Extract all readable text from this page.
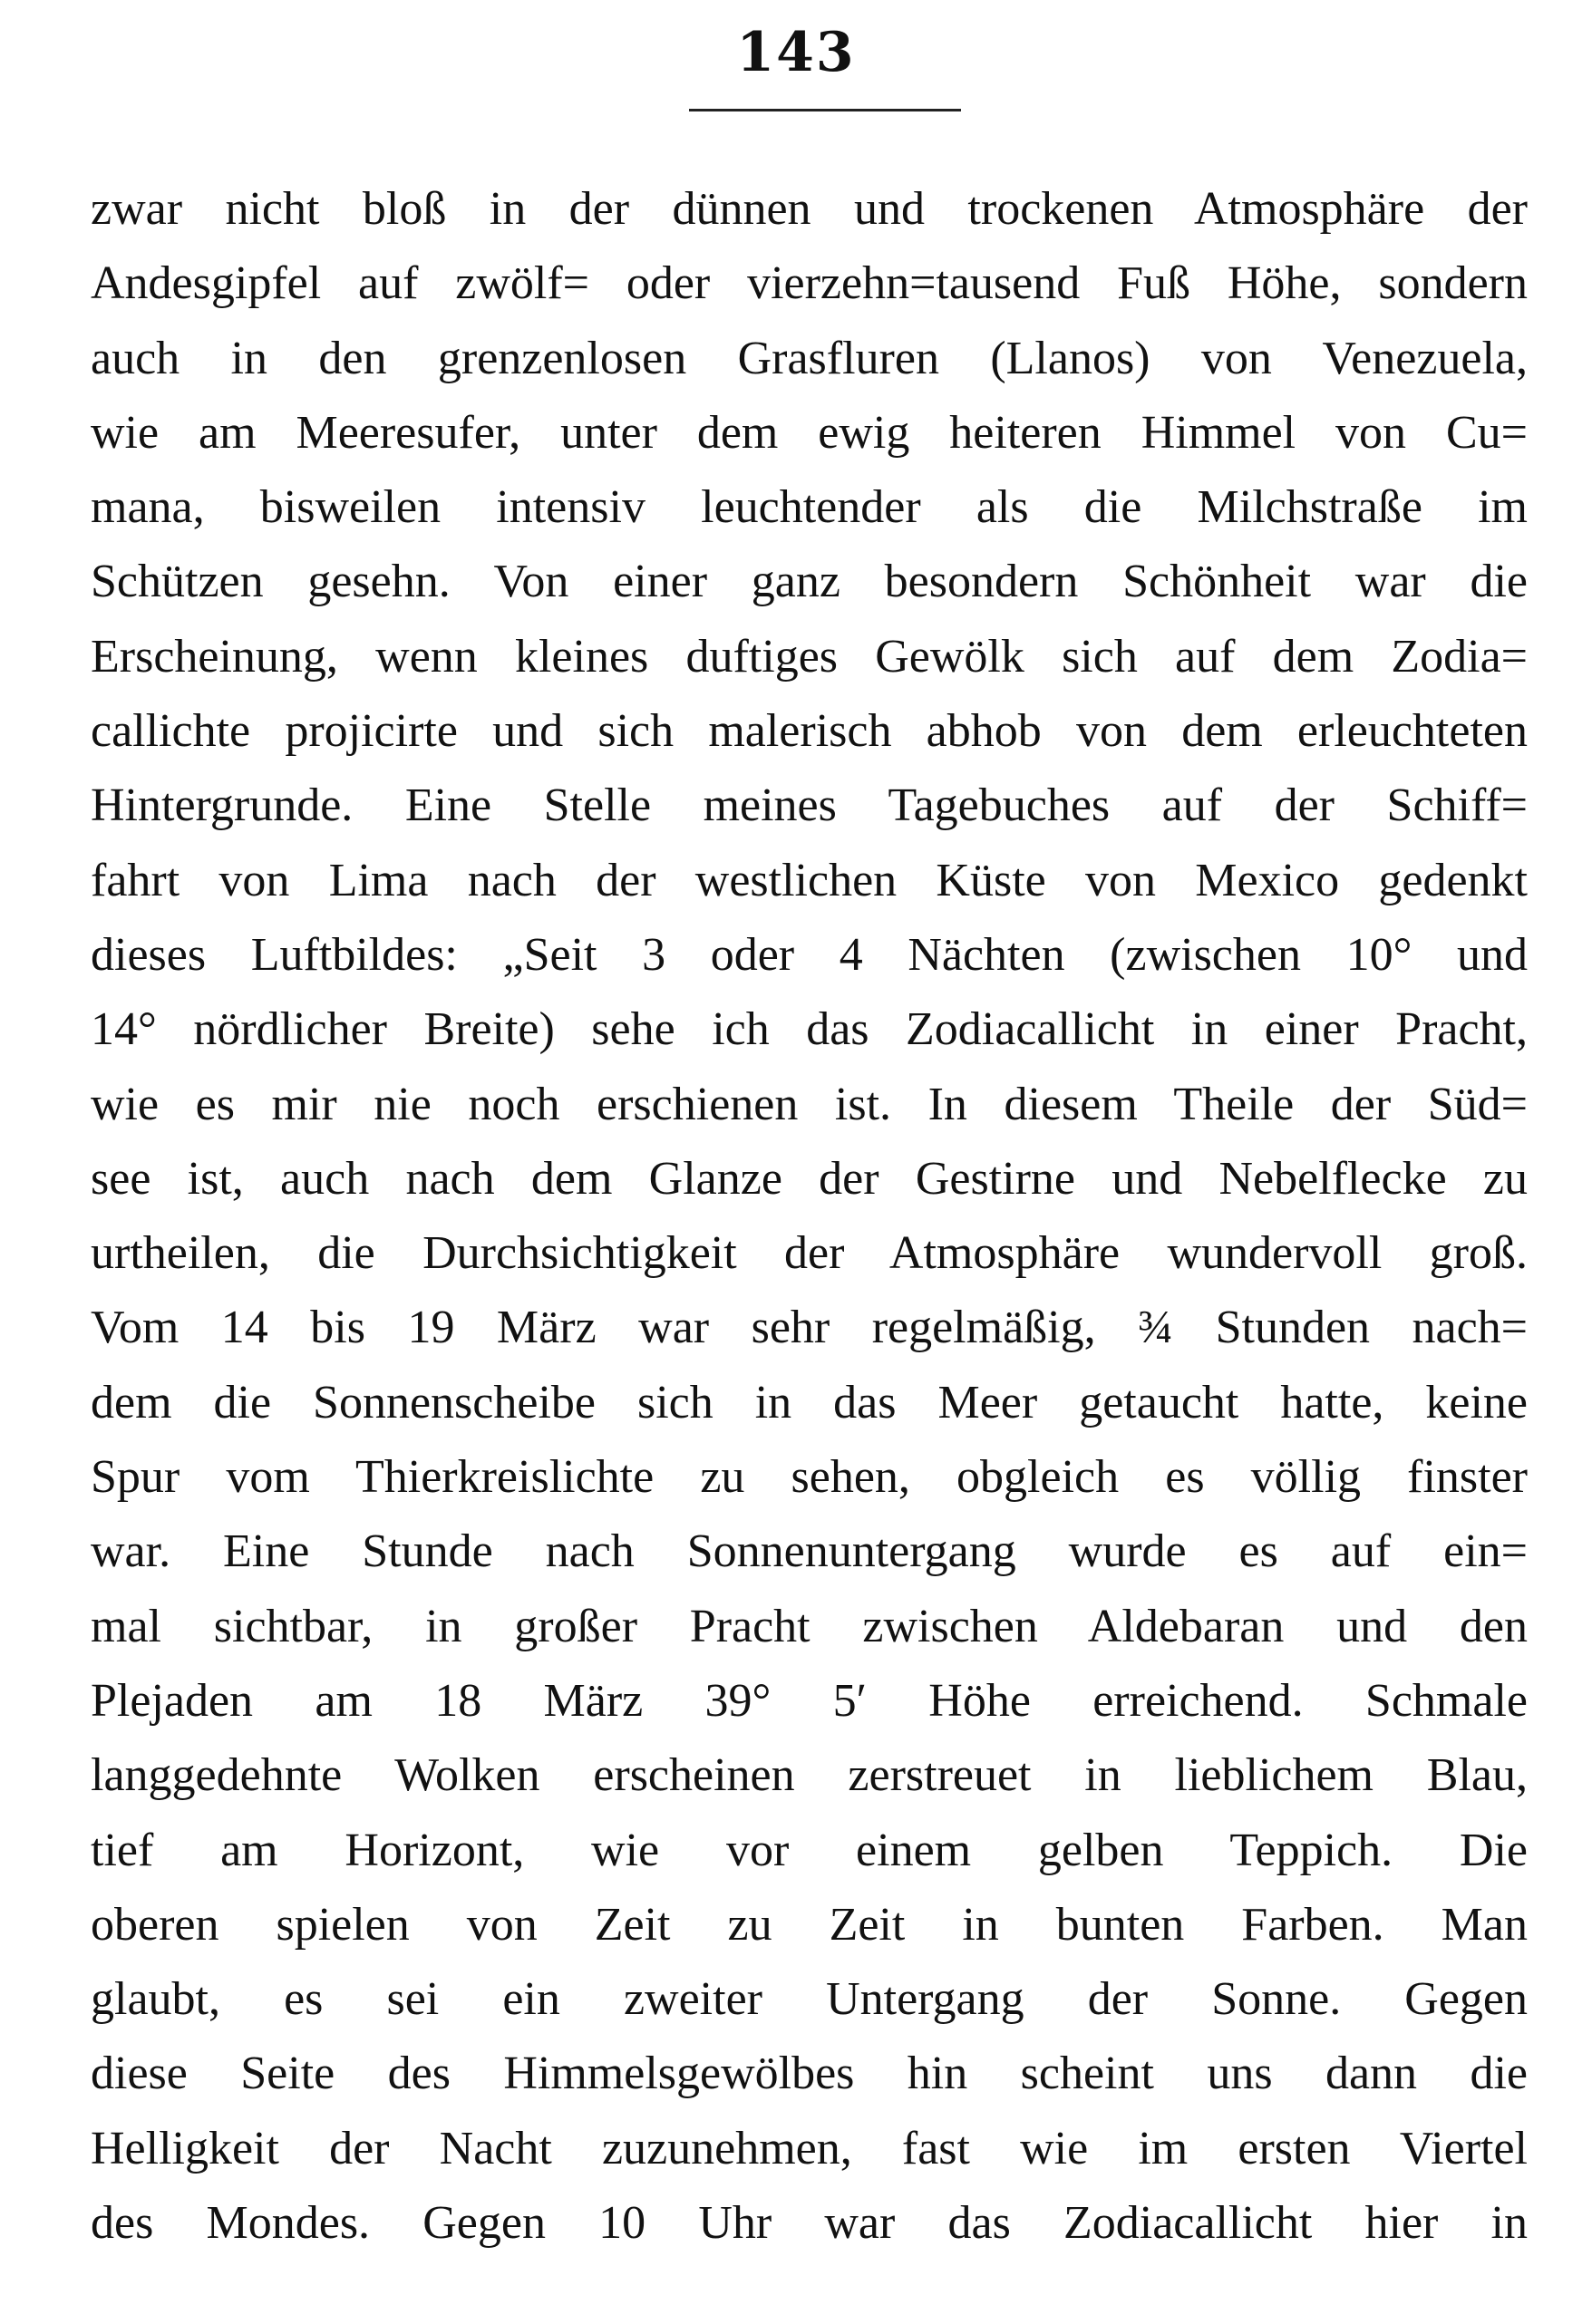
143
zwar nicht bloß in der dünnen und trockenen Atmosphäre der
Andesgipfel auf zwölf= oder vierzehn=tausend Fuß Höhe, sondern
auch in den grenzenlosen Grasfluren (Llanos) von Venezuela,
wie am Meeresufer, unter dem ewig heiteren Himmel von Cu=
mana, bisweilen intensiv leuchtender als die Milchstraße im
Schützen gesehn. Von einer ganz besondern Schönheit war die
Erscheinung, wenn kleines duftiges Gewölk sich auf dem Zodia=
callichte projicirte und sich malerisch abhob von dem erleuchteten
Hintergrunde. Eine Stelle meines Tagebuches auf der Schiff=
fahrt von Lima nach der westlichen Küste von Mexico gedenkt
dieses Luftbildes: „Seit 3 oder 4 Nächten (zwischen 10° und
14° nördlicher Breite) sehe ich das Zodiacallicht in einer Pracht,
wie es mir nie noch erschienen ist. In diesem Theile der Süd=
see ist, auch nach dem Glanze der Gestirne und Nebelflecke zu
urtheilen, die Durchsichtigkeit der Atmosphäre wundervoll groß.
Vom 14 bis 19 März war sehr regelmäßig, ¾ Stunden nach=
dem die Sonnenscheibe sich in das Meer getaucht hatte, keine
Spur vom Thierkreislichte zu sehen, obgleich es völlig finster
war. Eine Stunde nach Sonnenuntergang wurde es auf ein=
mal sichtbar, in großer Pracht zwischen Aldebaran und den
Plejaden am 18 März 39° 5′ Höhe erreichend. Schmale
langgedehnte Wolken erscheinen zerstreuet in lieblichem Blau,
tief am Horizont, wie vor einem gelben Teppich. Die
oberen spielen von Zeit zu Zeit in bunten Farben. Man
glaubt, es sei ein zweiter Untergang der Sonne. Gegen
diese Seite des Himmelsgewölbes hin scheint uns dann die
Helligkeit der Nacht zuzunehmen, fast wie im ersten Viertel
des Mondes. Gegen 10 Uhr war das Zodiacallicht hier in
